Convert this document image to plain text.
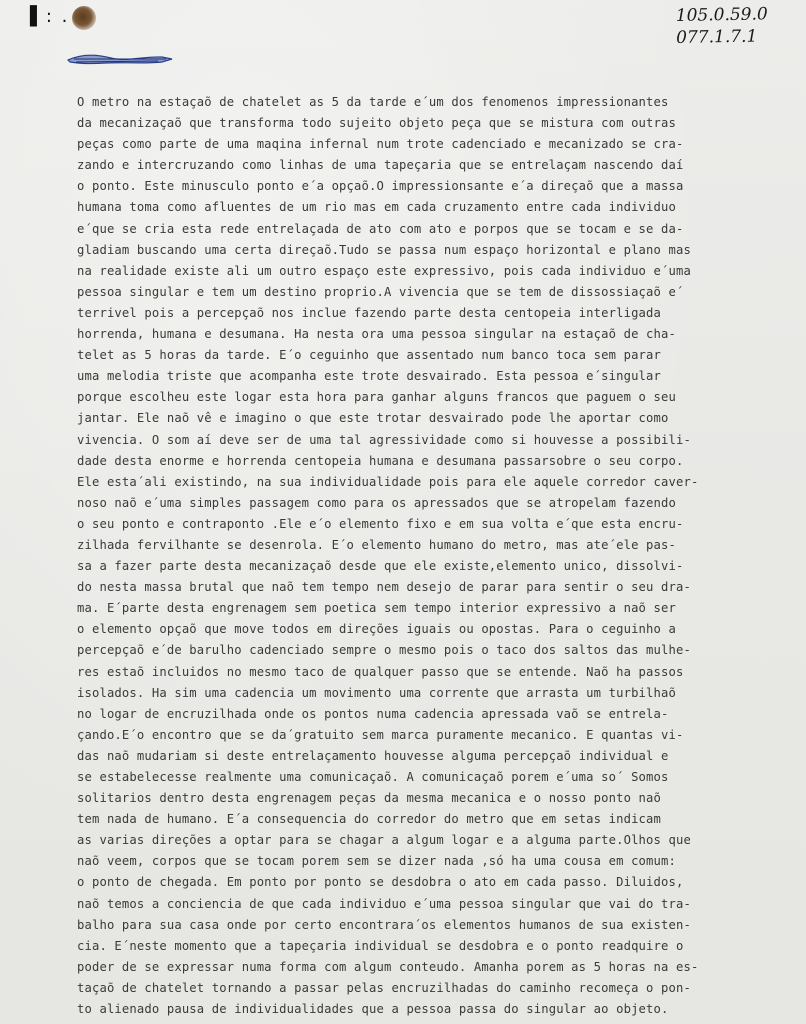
▌: .	105.0.59.0
077.1.7.1
O metro na estaçaõ de chatelet as 5 da tarde e´um dos fenomenos impressionantes
da mecanizaçaõ que transforma todo sujeito objeto peça que se mistura com outras
peças como parte de uma maqina infernal num trote cadenciado e mecanizado se cra-
zando e intercruzando como linhas de uma tapeçaria que se entrelaçam nascendo daí
o ponto. Este minusculo ponto e´a opçaõ.O impressionsante e´a direçaõ que a massa
humana toma como afluentes de um rio mas em cada cruzamento entre cada individuo
e´que se cria esta rede entrelaçada de ato com ato e porpos que se tocam e se da-
gladiam buscando uma certa direçaõ.Tudo se passa num espaço horizontal e plano mas
na realidade existe ali um outro espaço este expressivo, pois cada individuo e´uma
pessoa singular e tem um destino proprio.A vivencia que se tem de dissossiaçaõ e´
terrivel pois a percepçaõ nos inclue fazendo parte desta centopeia interligada
horrenda, humana e desumana. Ha nesta ora uma pessoa singular na estaçaõ de cha-
telet as 5 horas da tarde. E´o ceguinho que assentado num banco toca sem parar
uma melodia triste que acompanha este trote desvairado. Esta pessoa e´singular
porque escolheu este logar esta hora para ganhar alguns francos que paguem o seu
jantar. Ele naõ vê e imagino o que este trotar desvairado pode lhe aportar como
vivencia. O som aí deve ser de uma tal agressividade como si houvesse a possibili-
dade desta enorme e horrenda centopeia humana e desumana passarsobre o seu corpo.
Ele esta´ali existindo, na sua individualidade pois para ele aquele corredor caver-
noso naõ e´uma simples passagem como para os apressados que se atropelam fazendo
o seu ponto e contraponto .Ele e´o elemento fixo e em sua volta e´que esta encru-
zilhada fervilhante se desenrola. E´o elemento humano do metro, mas ate´ele pas-
sa a fazer parte desta mecanizaçaõ desde que ele existe,elemento unico, dissolvi-
do nesta massa brutal que naõ tem tempo nem desejo de parar para sentir o seu dra-
ma. E´parte desta engrenagem sem poetica sem tempo interior expressivo a naõ ser
o elemento opçaõ que move todos em direções iguais ou opostas. Para o ceguinho a
percepçaõ e´de barulho cadenciado sempre o mesmo pois o taco dos saltos das mulhe-
res estaõ incluidos no mesmo taco de qualquer passo que se entende. Naõ ha passos
isolados. Ha sim uma cadencia um movimento uma corrente que arrasta um turbilhaõ
no logar de encruzilhada onde os pontos numa cadencia apressada vaõ se entrela-
çando.E´o encontro que se da´gratuito sem marca puramente mecanico. E quantas vi-
das naõ mudariam si deste entrelaçamento houvesse alguma percepçaõ individual e
se estabelecesse realmente uma comunicaçaõ. A comunicaçaõ porem e´uma so´ Somos
solitarios dentro desta engrenagem peças da mesma mecanica e o nosso ponto naõ
tem nada de humano. E´a consequencia do corredor do metro que em setas indicam
as varias direções a optar para se chagar a algum logar e a alguma parte.Olhos que
naõ veem, corpos que se tocam porem sem se dizer nada ,só ha uma cousa em comum:
o ponto de chegada. Em ponto por ponto se desdobra o ato em cada passo. Diluidos,
naõ temos a conciencia de que cada individuo e´uma pessoa singular que vai do tra-
balho para sua casa onde por certo encontrara´os elementos humanos de sua existen-
cia. E´neste momento que a tapeçaria individual se desdobra e o ponto readquire o
poder de se expressar numa forma com algum conteudo. Amanha porem as 5 horas na es-
taçaõ de chatelet tornando a passar pelas encruzilhadas do caminho recomeça o pon-
to alienado pausa de individualidades que a pessoa passa do singular ao objeto.
